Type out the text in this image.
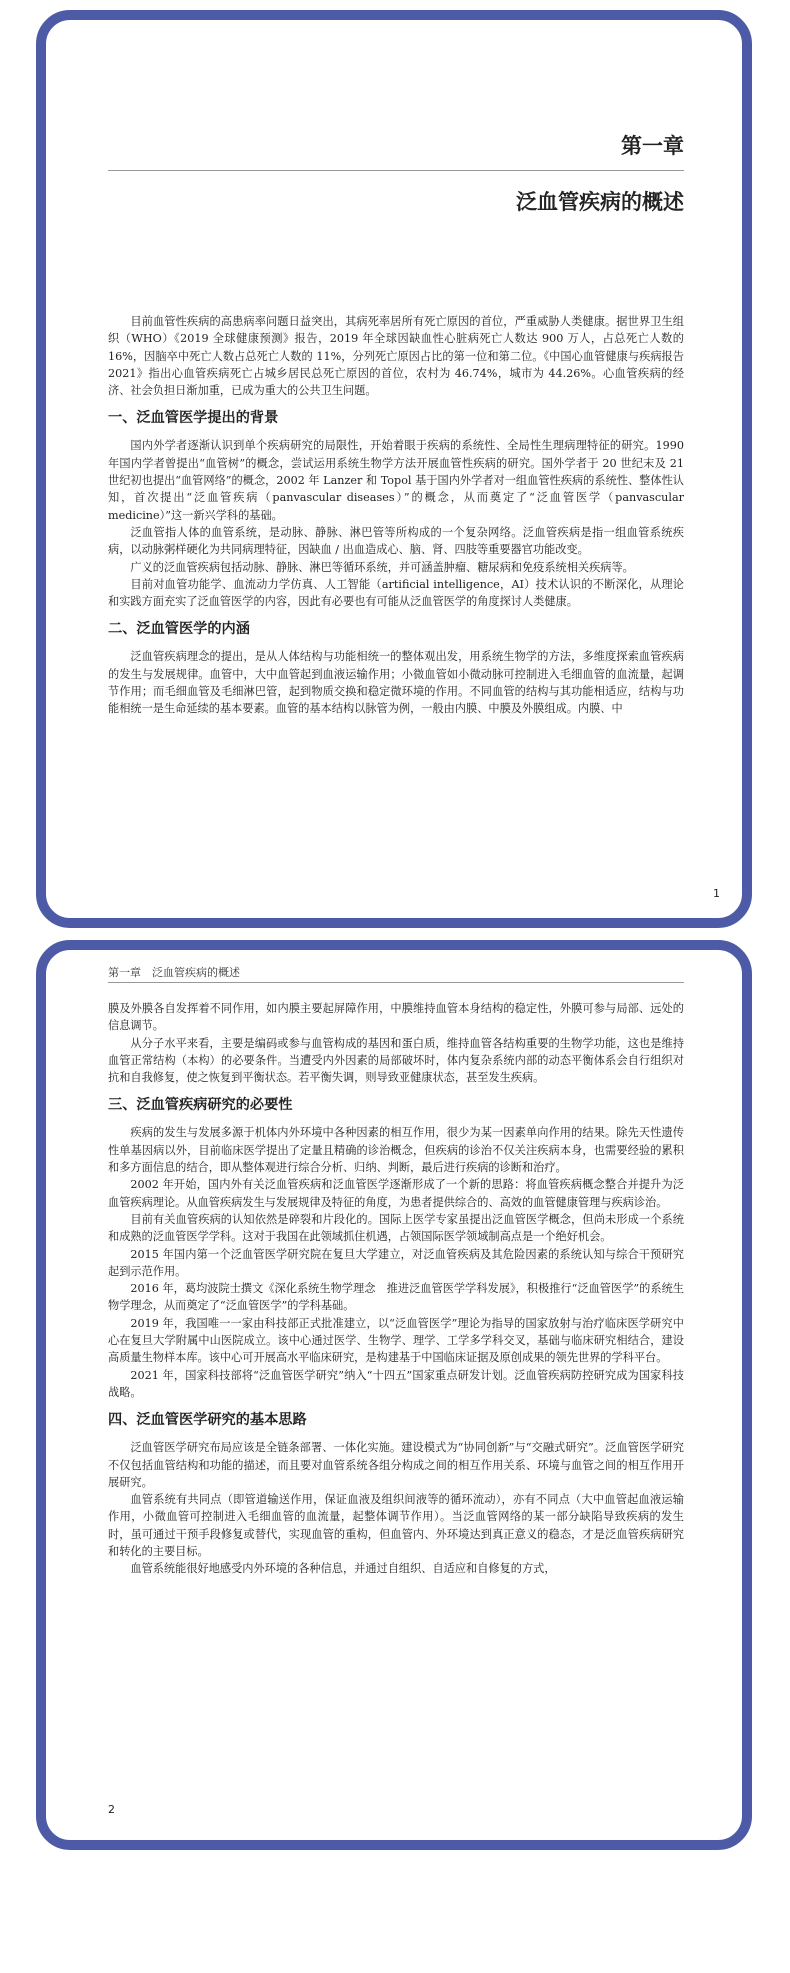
第一章
泛血管疾病的概述

目前血管性疾病的高患病率问题日益突出，其病死率居所有死亡原因的首位，严重威胁人类健康。据世界卫生组织（WHO）《2019 全球健康预测》报告，2019 年全球因缺血性心脏病死亡人数达 900 万人，占总死亡人数的 16%，因脑卒中死亡人数占总死亡人数的 11%，分列死亡原因占比的第一位和第二位。《中国心血管健康与疾病报告 2021》指出心血管疾病死亡占城乡居民总死亡原因的首位，农村为 46.74%，城市为 44.26%。心血管疾病的经济、社会负担日渐加重，已成为重大的公共卫生问题。

一、泛血管医学提出的背景

国内外学者逐渐认识到单个疾病研究的局限性，开始着眼于疾病的系统性、全局性生理病理特征的研究。1990 年国内学者曾提出“血管树”的概念，尝试运用系统生物学方法开展血管性疾病的研究。国外学者于 20 世纪末及 21 世纪初也提出“血管网络”的概念，2002 年 Lanzer 和 Topol 基于国内外学者对一组血管性疾病的系统性、整体性认知，首次提出“泛血管疾病（panvascular diseases）”的概念，从而奠定了“泛血管医学（panvascular medicine）”这一新兴学科的基础。

泛血管指人体的血管系统，是动脉、静脉、淋巴管等所构成的一个复杂网络。泛血管疾病是指一组血管系统疾病，以动脉粥样硬化为共同病理特征，因缺血 / 出血造成心、脑、肾、四肢等重要器官功能改变。

广义的泛血管疾病包括动脉、静脉、淋巴等循环系统，并可涵盖肿瘤、糖尿病和免疫系统相关疾病等。

目前对血管功能学、血流动力学仿真、人工智能（artificial intelligence，AI）技术认识的不断深化，从理论和实践方面充实了泛血管医学的内容，因此有必要也有可能从泛血管医学的角度探讨人类健康。

二、泛血管医学的内涵

泛血管疾病理念的提出，是从人体结构与功能相统一的整体观出发，用系统生物学的方法，多维度探索血管疾病的发生与发展规律。血管中，大中血管起到血液运输作用；小微血管如小微动脉可控制进入毛细血管的血流量，起调节作用；而毛细血管及毛细淋巴管，起到物质交换和稳定微环境的作用。不同血管的结构与其功能相适应，结构与功能相统一是生命延续的基本要素。血管的基本结构以脉管为例，一般由内膜、中膜及外膜组成。内膜、中

1
第一章　泛血管疾病的概述

膜及外膜各自发挥着不同作用，如内膜主要起屏障作用，中膜维持血管本身结构的稳定性，外膜可参与局部、远处的信息调节。

从分子水平来看，主要是编码或参与血管构成的基因和蛋白质，维持血管各结构重要的生物学功能，这也是维持血管正常结构（本构）的必要条件。当遭受内外因素的局部破坏时，体内复杂系统内部的动态平衡体系会自行组织对抗和自我修复，使之恢复到平衡状态。若平衡失调，则导致亚健康状态，甚至发生疾病。

三、泛血管疾病研究的必要性

疾病的发生与发展多源于机体内外环境中各种因素的相互作用，很少为某一因素单向作用的结果。除先天性遗传性单基因病以外，目前临床医学提出了定量且精确的诊治概念，但疾病的诊治不仅关注疾病本身，也需要经验的累积和多方面信息的结合，即从整体观进行综合分析、归纳、判断，最后进行疾病的诊断和治疗。

2002 年开始，国内外有关泛血管疾病和泛血管医学逐渐形成了一个新的思路：将血管疾病概念整合并提升为泛血管疾病理论。从血管疾病发生与发展规律及特征的角度，为患者提供综合的、高效的血管健康管理与疾病诊治。

目前有关血管疾病的认知依然是碎裂和片段化的。国际上医学专家虽提出泛血管医学概念，但尚未形成一个系统和成熟的泛血管医学学科。这对于我国在此领域抓住机遇，占领国际医学领域制高点是一个绝好机会。

2015 年国内第一个泛血管医学研究院在复旦大学建立，对泛血管疾病及其危险因素的系统认知与综合干预研究起到示范作用。

2016 年，葛均波院士撰文《深化系统生物学理念　推进泛血管医学学科发展》，积极推行“泛血管医学”的系统生物学理念，从而奠定了“泛血管医学”的学科基础。

2019 年，我国唯一一家由科技部正式批准建立，以“泛血管医学”理论为指导的国家放射与治疗临床医学研究中心在复旦大学附属中山医院成立。该中心通过医学、生物学、理学、工学多学科交叉，基础与临床研究相结合，建设高质量生物样本库。该中心可开展高水平临床研究，是构建基于中国临床证据及原创成果的领先世界的学科平台。

2021 年，国家科技部将“泛血管医学研究”纳入“十四五”国家重点研发计划。泛血管疾病防控研究成为国家科技战略。

四、泛血管医学研究的基本思路

泛血管医学研究布局应该是全链条部署、一体化实施。建设模式为“协同创新”与“交融式研究”。泛血管医学研究不仅包括血管结构和功能的描述，而且要对血管系统各组分构成之间的相互作用关系、环境与血管之间的相互作用开展研究。

血管系统有共同点（即管道输送作用，保证血液及组织间液等的循环流动），亦有不同点（大中血管起血液运输作用，小微血管可控制进入毛细血管的血流量，起整体调节作用）。当泛血管网络的某一部分缺陷导致疾病的发生时，虽可通过干预手段修复或替代，实现血管的重构，但血管内、外环境达到真正意义的稳态，才是泛血管疾病研究和转化的主要目标。

血管系统能很好地感受内外环境的各种信息，并通过自组织、自适应和自修复的方式，

2
